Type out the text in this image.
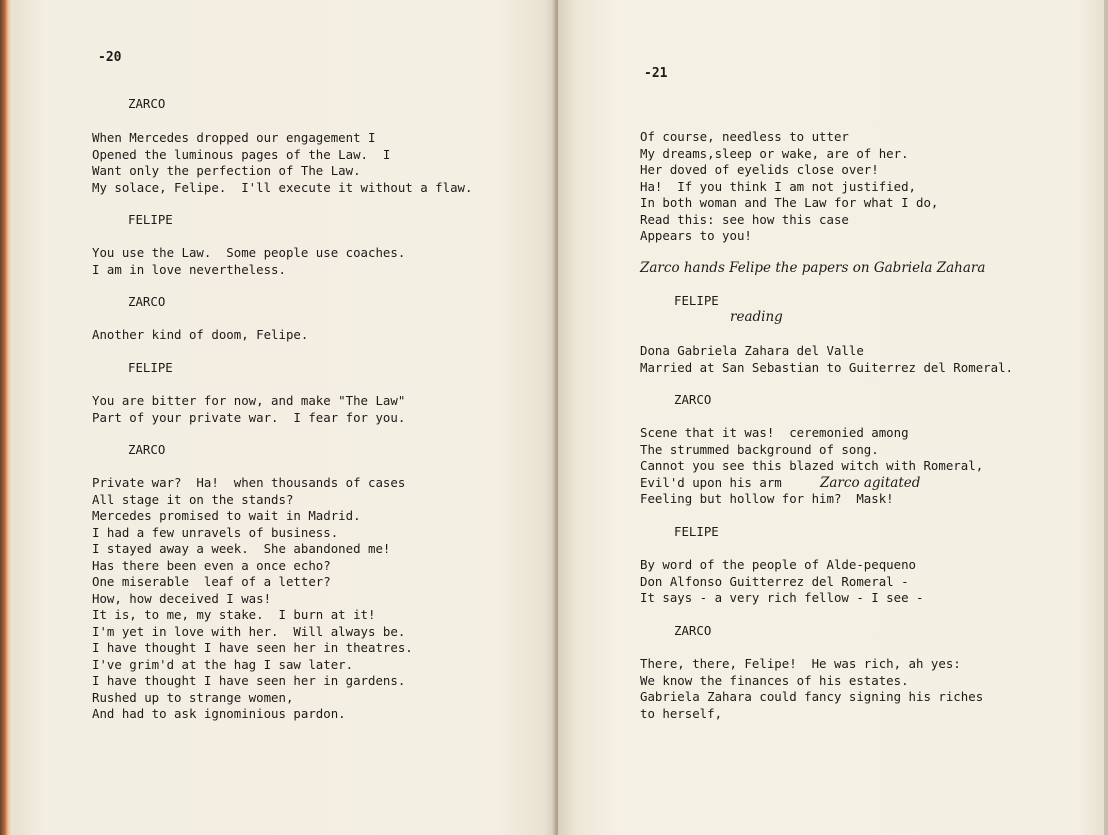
-20
ZARCO
When Mercedes dropped our engagement I
Opened the luminous pages of the Law.  I
Want only the perfection of The Law.
My solace, Felipe.  I'll execute it without a flaw.
FELIPE
You use the Law.  Some people use coaches.
I am in love nevertheless.
ZARCO
Another kind of doom, Felipe.
FELIPE
You are bitter for now, and make "The Law"
Part of your private war.  I fear for you.
ZARCO
Private war?  Ha!  when thousands of cases
All stage it on the stands?
Mercedes promised to wait in Madrid.
I had a few unravels of business.
I stayed away a week.  She abandoned me!
Has there been even a once echo?
One miserable  leaf of a letter?
How, how deceived I was!
It is, to me, my stake.  I burn at it!
I'm yet in love with her.  Will always be.
I have thought I have seen her in theatres.
I've grim'd at the hag I saw later.
I have thought I have seen her in gardens.
Rushed up to strange women,
And had to ask ignominious pardon.
-21
Of course, needless to utter
My dreams,sleep or wake, are of her.
Her doved of eyelids close over!
Ha!  If you think I am not justified,
In both woman and The Law for what I do,
Read this: see how this case
Appears to you!
Zarco hands Felipe the papers on Gabriela Zahara
FELIPE
reading
Dona Gabriela Zahara del Valle
Married at San Sebastian to Guiterrez del Romeral.
ZARCO
Scene that it was!  ceremonied among
The strummed background of song.
Cannot you see this blazed witch with Romeral,
Evil'd upon his arm	Zarco agitated
Feeling but hollow for him?  Mask!
FELIPE
By word of the people of Alde-pequeno
Don Alfonso Guitterrez del Romeral -
It says - a very rich fellow - I see -
ZARCO
There, there, Felipe!  He was rich, ah yes:
We know the finances of his estates.
Gabriela Zahara could fancy signing his riches
to herself,
